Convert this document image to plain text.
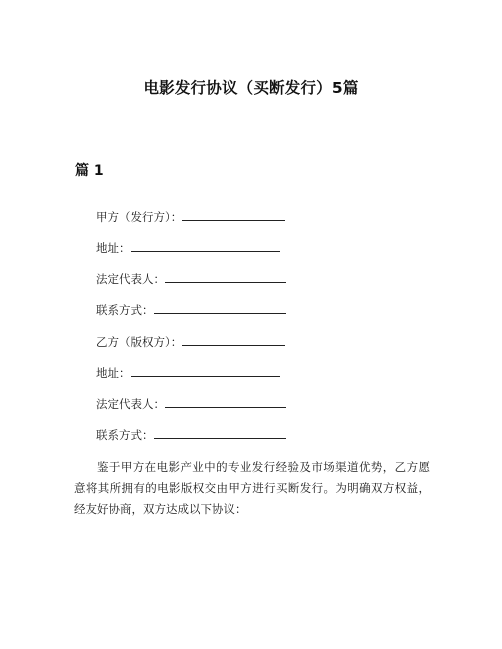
电影发行协议（买断发行）5篇
篇 1
甲方（发行方）：
地址：
法定代表人：
联系方式：
乙方（版权方）：
地址：
法定代表人：
联系方式：

鉴于甲方在电影产业中的专业发行经验及市场渠道优势，乙方愿意将其所拥有的电影版权交由甲方进行买断发行。为明确双方权益，经友好协商，双方达成以下协议：
